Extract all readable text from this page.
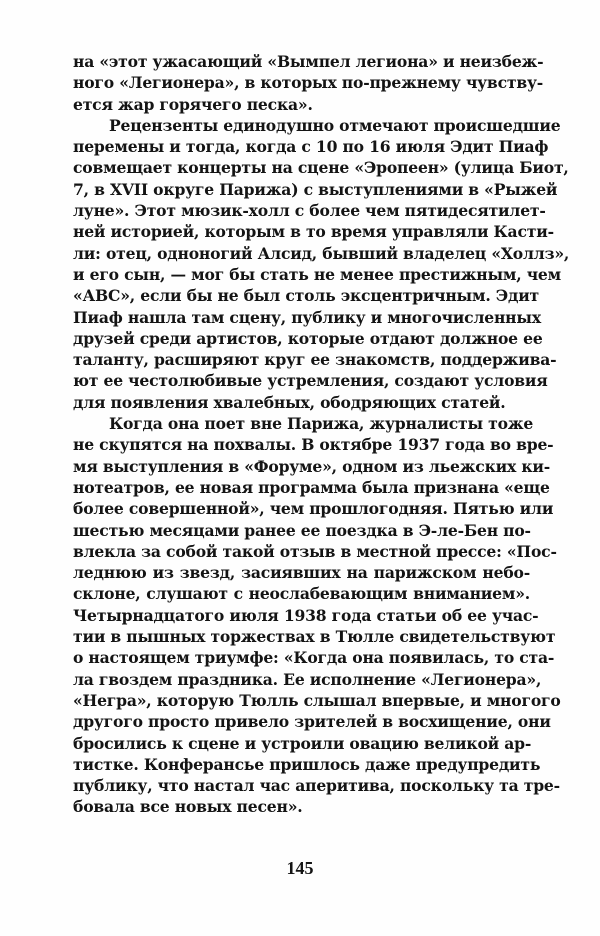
на «этот ужасающий «Вымпел легиона» и неизбеж-
ного «Легионера», в которых по-прежнему чувству-
ется жар горячего песка».
Рецензенты единодушно отмечают происшедшие
перемены и тогда, когда с 10 по 16 июля Эдит Пиаф
совмещает концерты на сцене «Эропеен» (улица Биот,
7, в XVII округе Парижа) с выступлениями в «Рыжей
луне». Этот мюзик-холл с более чем пятидесятилет-
ней историей, которым в то время управляли Касти-
ли: отец, одноногий Алсид, бывший владелец «Холлз»,
и его сын, — мог бы стать не менее престижным, чем
«АВС», если бы не был столь эксцентричным. Эдит
Пиаф нашла там сцену, публику и многочисленных
друзей среди артистов, которые отдают должное ее
таланту, расширяют круг ее знакомств, поддержива-
ют ее честолюбивые устремления, создают условия
для появления хвалебных, ободряющих статей.
Когда она поет вне Парижа, журналисты тоже
не скупятся на похвалы. В октябре 1937 года во вре-
мя выступления в «Форуме», одном из льежских ки-
нотеатров, ее новая программа была признана «еще
более совершенной», чем прошлогодняя. Пятью или
шестью месяцами ранее ее поездка в Э-ле-Бен по-
влекла за собой такой отзыв в местной прессе: «Пос-
леднюю из звезд, засиявших на парижском небо-
склоне, слушают с неослабевающим вниманием».
Четырнадцатого июля 1938 года статьи об ее учас-
тии в пышных торжествах в Тюлле свидетельствуют
о настоящем триумфе: «Когда она появилась, то ста-
ла гвоздем праздника. Ее исполнение «Легионера»,
«Негра», которую Тюлль слышал впервые, и многого
другого просто привело зрителей в восхищение, они
бросились к сцене и устроили овацию великой ар-
тистке. Конферансье пришлось даже предупредить
публику, что настал час аперитива, поскольку та тре-
бовала все новых песен».
145
